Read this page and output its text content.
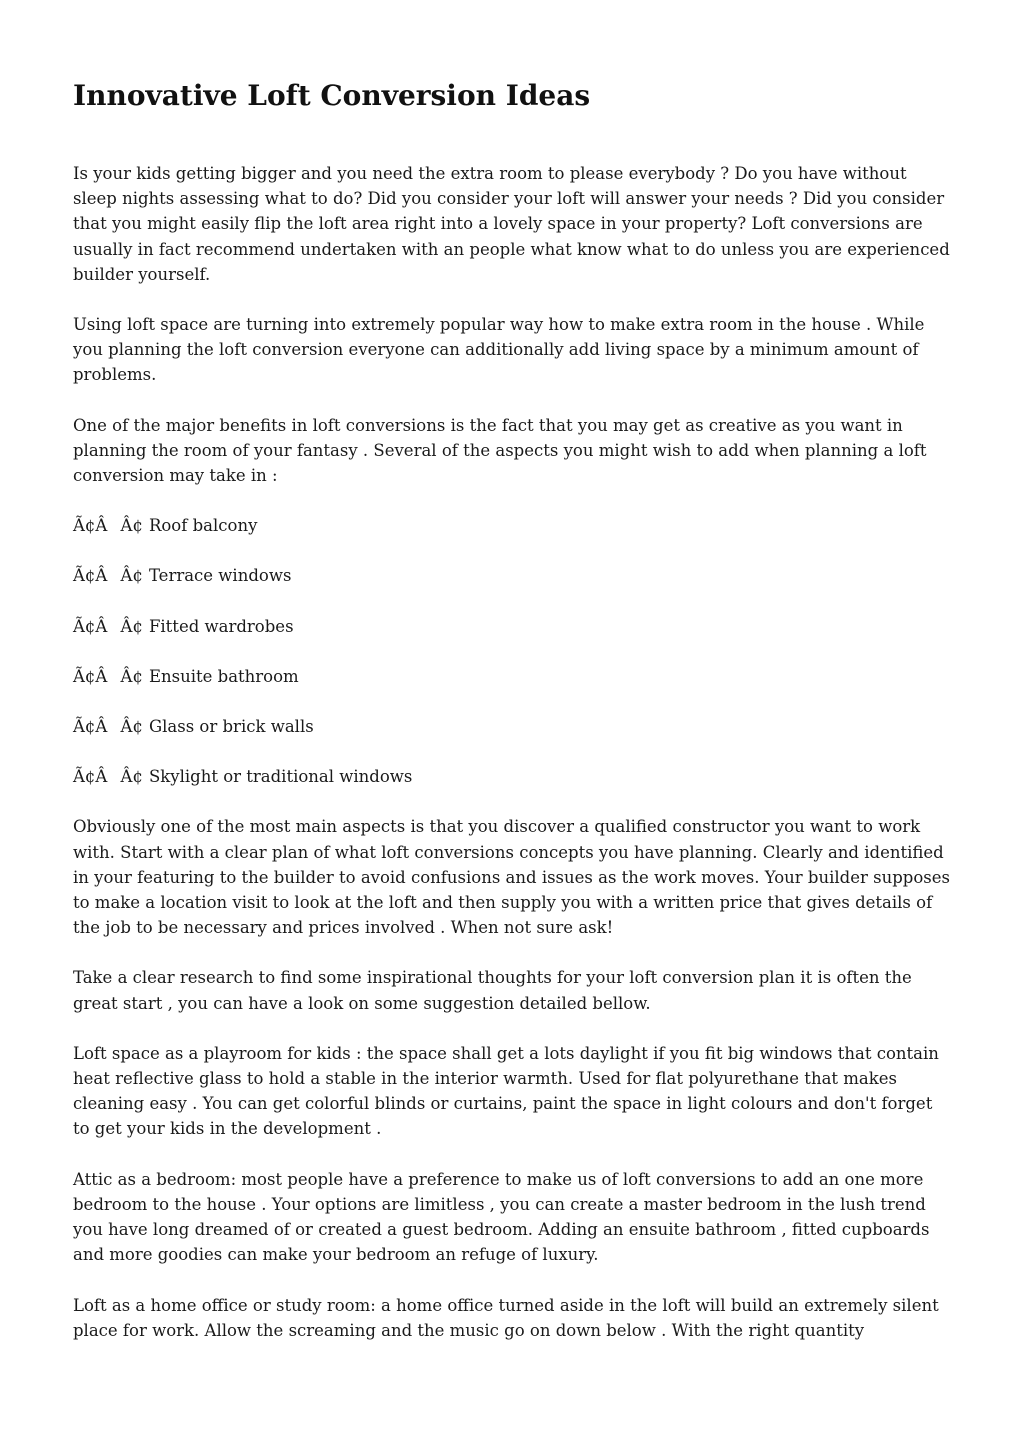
Innovative Loft Conversion Ideas

Is your kids getting bigger and you need the extra room to please everybody ? Do you have without sleep nights assessing what to do? Did you consider your loft will answer your needs ? Did you consider that you might easily flip the loft area right into a lovely space in your property? Loft conversions are usually in fact recommend undertaken with an people what know what to do unless you are experienced builder yourself.

Using loft space are turning into extremely popular way how to make extra room in the house . While you planning the loft conversion everyone can additionally add living space by a minimum amount of problems.

One of the major benefits in loft conversions is the fact that you may get as creative as you want in planning the room of your fantasy . Several of the aspects you might wish to add when planning a loft conversion may take in :

Ã¢ÂÂ¢ Roof balcony

Ã¢ÂÂ¢ Terrace windows

Ã¢ÂÂ¢ Fitted wardrobes

Ã¢ÂÂ¢ Ensuite bathroom

Ã¢ÂÂ¢ Glass or brick walls

Ã¢ÂÂ¢ Skylight or traditional windows

Obviously one of the most main aspects is that you discover a qualified constructor you want to work with. Start with a clear plan of what loft conversions concepts you have planning. Clearly and identified in your featuring to the builder to avoid confusions and issues as the work moves. Your builder supposes to make a location visit to look at the loft and then supply you with a written price that gives details of the job to be necessary and prices involved . When not sure ask!

Take a clear research to find some inspirational thoughts for your loft conversion plan it is often the great start , you can have a look on some suggestion detailed bellow.

Loft space as a playroom for kids : the space shall get a lots daylight if you fit big windows that contain heat reflective glass to hold a stable in the interior warmth. Used for flat polyurethane that makes cleaning easy . You can get colorful blinds or curtains, paint the space in light colours and don't forget to get your kids in the development .

Attic as a bedroom: most people have a preference to make us of loft conversions to add an one more bedroom to the house . Your options are limitless , you can create a master bedroom in the lush trend you have long dreamed of or created a guest bedroom. Adding an ensuite bathroom , fitted cupboards and more goodies can make your bedroom an refuge of luxury.

Loft as a home office or study room: a home office turned aside in the loft will build an extremely silent place for work. Allow the screaming and the music go on down below . With the right quantity
